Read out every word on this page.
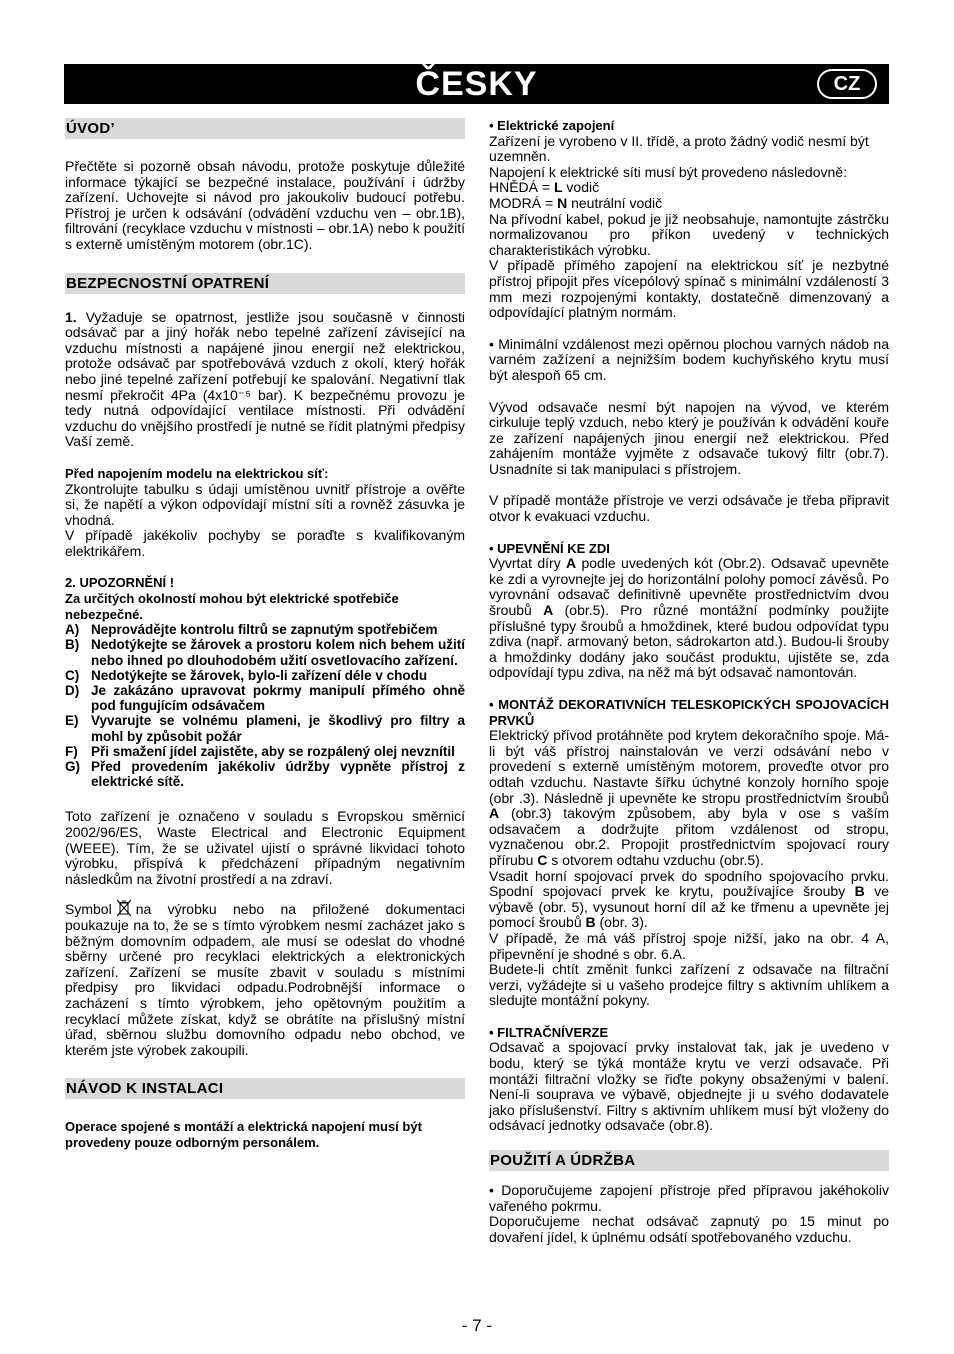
ČESKY	CZ
ÚVOD’
Přečtěte si pozorně obsah návodu, protože poskytuje důležité informace týkající se bezpečné instalace, používání i údržby zařízení. Uchovejte si návod pro jakoukoliv budoucí potřebu. Přístroj je určen k odsávání (odvádění vzduchu ven – obr.1B), filtrování (recyklace vzduchu v místnosti – obr.1A) nebo k použití s externě umístěným motorem (obr.1C).
BEZPECNOSTNÍ OPATRENÍ
1. Vyžaduje se opatrnost, jestliže jsou současně v činnosti odsávač par a jiný hořák nebo tepelné zařízení závisející na vzduchu místnosti a napájené jinou energií než elektrickou, protože odsávač par spotřebovává vzduch z okolí, který hořák nebo jiné tepelné zařízení potřebují ke spalování. Negativní tlak nesmí překročit 4Pa (4x10⁻⁵ bar). K bezpečnému provozu je tedy nutná odpovídající ventilace místnosti. Při odvádění vzduchu do vnějšího prostředí je nutné se řídit platnými předpisy Vaší země.
Před napojením modelu na elektrickou síť:
Zkontrolujte tabulku s údaji umístěnou uvnitř přístroje a ověřte si, že napětí a výkon odpovídají místní síti a rovněž zásuvka je vhodná.
V případě jakékoliv pochyby se poraďte s kvalifikovaným elektrikářem.
2. UPOZORNĚNÍ !
Za určitých okolností mohou být elektrické spotřebiče nebezpečné.
A) Neprovádějte kontrolu filtrů se zapnutým spotřebičem
B) Nedotýkejte se žárovek a prostoru kolem nich behem užití nebo ihned po dlouhodobém užití osvetlovacího zařízení.
C) Nedotýkejte se žárovek, bylo-li zařízení déle v chodu
D) Je zakázáno upravovat pokrmy manipulí přímého ohně pod fungujícím odsávačem
E) Vyvarujte se volnému plameni, je škodlivý pro filtry a mohl by způsobit požár
F) Při smažení jídel zajistěte, aby se rozpálený olej nevznítil
G) Před provedením jakékoliv údržby vypněte přístroj z elektrické sítě.
Toto zařízení je označeno v souladu s Evropskou směrnicí 2002/96/ES, Waste Electrical and Electronic Equipment (WEEE). Tím, že se uživatel ujistí o správné likvidaci tohoto výrobku, přispívá k předcházení případným negativním následkům na životní prostředí a na zdraví.
Symbol na výrobku nebo na přiložené dokumentaci poukazuje na to, že se s tímto výrobkem nesmí zacházet jako s běžným domovním odpadem, ale musí se odeslat do vhodné sběrny určené pro recyklaci elektrických a elektronických zařízení. Zařízení se musíte zbavit v souladu s místními předpisy pro likvidaci odpadu.Podrobnější informace o zacházení s tímto výrobkem, jeho opětovným použitím a recyklací můžete získat, když se obrátíte na příslušný místní úřad, sběrnou službu domovního odpadu nebo obchod, ve kterém jste výrobek zakoupili.
NÁVOD K INSTALACI
Operace spojené s montáží a elektrická napojení musí být provedeny pouze odborným personálem.
• Elektrické zapojení
Zařízení je vyrobeno v II. třídě, a proto žádný vodič nesmí být uzemněn.
Napojení k elektrické síti musí být provedeno následovně:
HNĚDÁ = L vodič
MODRÁ = N neutrální vodič
Na přívodní kabel, pokud je již neobsahuje, namontujte zástrčku normalizovanou pro příkon uvedený v technických charakteristikách výrobku.
V případě přímého zapojení na elektrickou síť je nezbytné přístroj připojit přes vícepólový spínač s minimální vzdáleností 3 mm mezi rozpojenými kontakty, dostatečně dimenzovaný a odpovídající platným normám.
• Minimální vzdálenost mezi opěrnou plochou varných nádob na varném zažízení a nejnižším bodem kuchyňského krytu musí být alespoň 65 cm.
Vývod odsavače nesmí být napojen na vývod, ve kterém cirkuluje teplý vzduch, nebo který je používán k odvádění kouře ze zařízení napájených jinou energií než elektrickou. Před zahájením montáže vyjměte z odsavače tukový filtr (obr.7). Usnadníte si tak manipulaci s přístrojem.
V případě montáže přístroje ve verzi odsávače je třeba připravit otvor k evakuaci vzduchu.
• UPEVNĚNÍ KE ZDI
Vyvrtat díry A podle uvedených kót (Obr.2). Odsavač upevněte ke zdi a vyrovnejte jej do horizontální polohy pomocí závěsů. Po vyrovnání odsavač definitivně upevněte prostřednictvím dvou šroubů A (obr.5). Pro různé montážní podmínky použijte příslušné typy šroubů a hmoždinek, které budou odpovídat typu zdiva (např. armovaný beton, sádrokarton atd.). Budou-li šrouby a hmoždinky dodány jako součást produktu, ujistěte se, zda odpovídají typu zdiva, na něž má být odsavač namontován.
• MONTÁŽ DEKORATIVNÍCH TELESKOPICKÝCH SPOJOVACÍCH PRVKŮ
Elektrický přívod protáhněte pod krytem dekoračního spoje. Má-li být váš přístroj nainstalován ve verzi odsávání nebo v provedení s externě umístěným motorem, proveďte otvor pro odtah vzduchu. Nastavte šířku úchytné konzoly horního spoje (obr .3). Následně ji upevněte ke stropu prostřednictvím šroubů A (obr.3) takovým způsobem, aby byla v ose s vaším odsavačem a dodržujte přitom vzdálenost od stropu, vyznačenou obr.2. Propojit prostřednictvím spojovací roury přírubu C s otvorem odtahu vzduchu (obr.5).
Vsadit horní spojovací prvek do spodního spojovacího prvku. Spodní spojovací prvek ke krytu, používajíce šrouby B ve výbavě (obr. 5), vysunout horní díl až ke třmenu a upevněte jej pomocí šroubů B (obr. 3).
V případě, že má váš přístroj spoje nižší, jako na obr. 4 A, připevnění je shodné s obr. 6.A.
Budete-li chtít změnit funkci zařízení z odsavače na filtrační verzi, vyžádejte si u vašeho prodejce filtry s aktivním uhlíkem a sledujte montážní pokyny.
• FILTRAČNÍVERZE
Odsavač a spojovací prvky instalovat tak, jak je uvedeno v bodu, který se týká montáže krytu ve verzi odsavače. Při montáži filtrační vložky se řiďte pokyny obsaženými v balení. Není-li souprava ve výbavě, objednejte ji u svého dodavatele jako příslušenství. Filtry s aktivním uhlíkem musí být vloženy do odsávací jednotky odsavače (obr.8).
POUŽITÍ A ÚDRŽBA
• Doporučujeme zapojení přístroje před přípravou jakéhokoliv vařeného pokrmu.
Doporučujeme nechat odsávač zapnutý po 15 minut po dovaření jídel, k úplnému odsátí spotřebovaného vzduchu.
- 7 -
